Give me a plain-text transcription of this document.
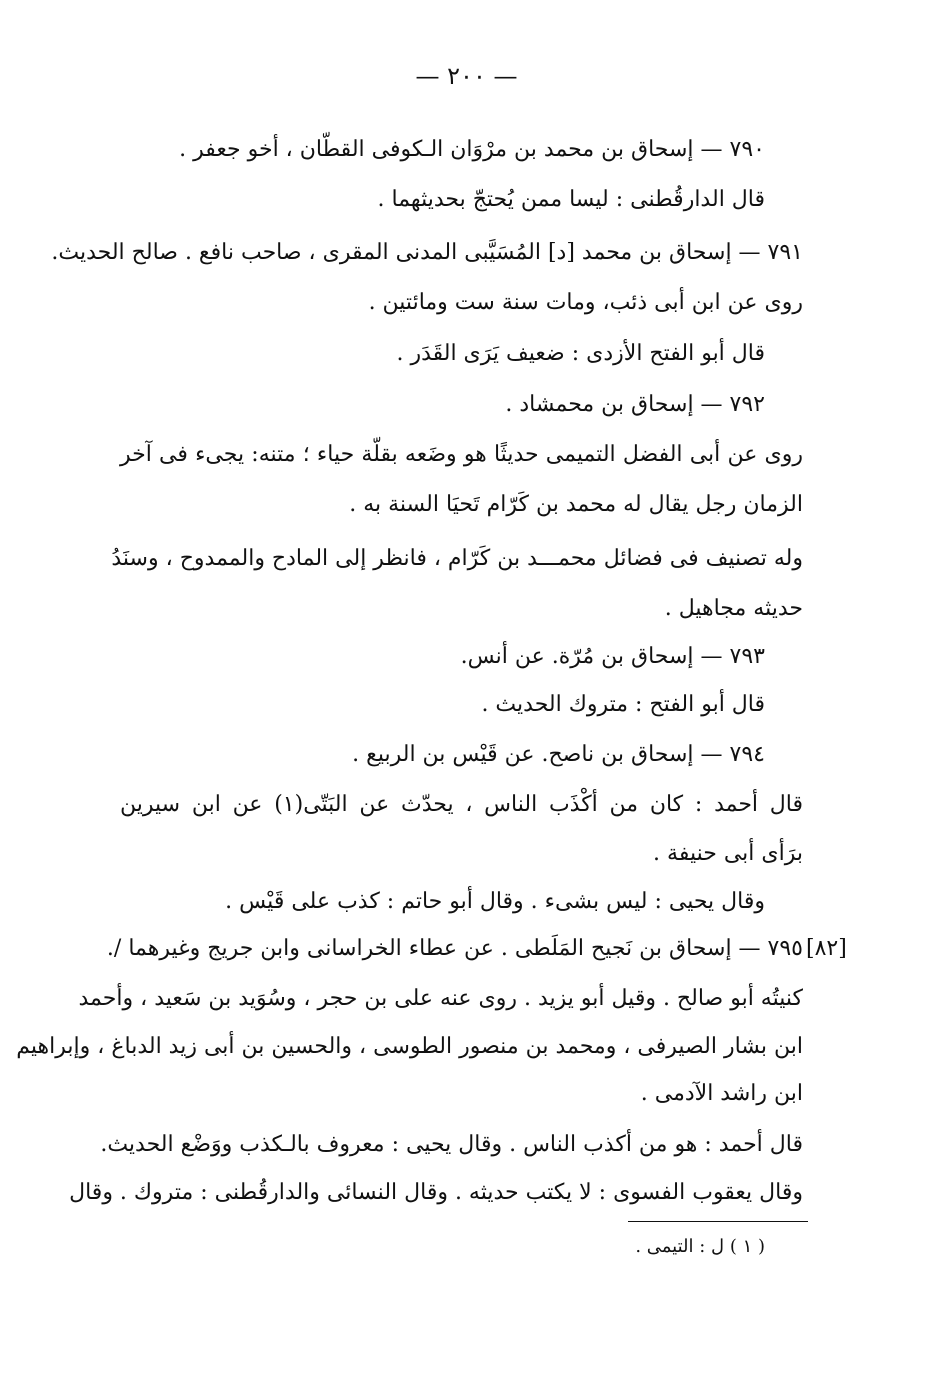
— ٢٠٠ —
٧٩٠ — إسحاق بن محمد بن مرْوَان الـكوفى القطّان ، أخو جعفر .
قال الدارقُطنى : ليسا ممن يُحتجّ بحديثهما .
٧٩١ — إسحاق بن محمد [د] المُسَيَّبى المدنى المقرى ، صاحب نافع . صالح الحديث.
روى عن ابن أبى ذئب، ومات سنة ست ومائتين .
قال أبو الفتح الأزدى : ضعيف يَرَى القَدَر .
٧٩٢ — إسحاق بن محمشاد .
روى عن أبى الفضل التميمى حديثًا هو وضَعه بقلّة حياء ؛ متنه: يجىء فى آخر
الزمان رجل يقال له محمد بن كَرّام تَحيَا السنة به .
وله تصنيف فى فضائل محمـــد بن كَرّام ، فانظر إلى المادح والممدوح ، وسنَدُ
حديثه مجاهيل .
٧٩٣ — إسحاق بن مُرّة. عن أنس.
قال أبو الفتح : متروك الحديث .
٧٩٤ — إسحاق بن ناصح. عن قَيْس بن الربيع .
قال أحمد : كان من أكْذَب الناس ، يحدّث عن البَتّى(١) عن ابن سيرين
برَأى أبى حنيفة .
وقال يحيى : ليس بشىء . وقال أبو حاتم : كذب على قَيْس .
٧٩٥ — إسحاق بن نَجيح المَلَطى . عن عطاء الخراسانى وابن جريج وغيرهما /.
كنيتُه أبو صالح . وقيل أبو يزيد . روى عنه على بن حجر ، وسُوَيد بن سَعيد ، وأحمد
ابن بشار الصيرفى ، ومحمد بن منصور الطوسى ، والحسين بن أبى زيد الدباغ ، وإبراهيم
ابن راشد الآدمى .
قال أحمد : هو من أكذب الناس . وقال يحيى : معروف بالـكذب ووَضْع الحديث.
وقال يعقوب الفسوى : لا يكتب حديثه . وقال النسائى والدارقُطنى : متروك . وقال
[٨٢]
( ١ ) ل : التيمى .
